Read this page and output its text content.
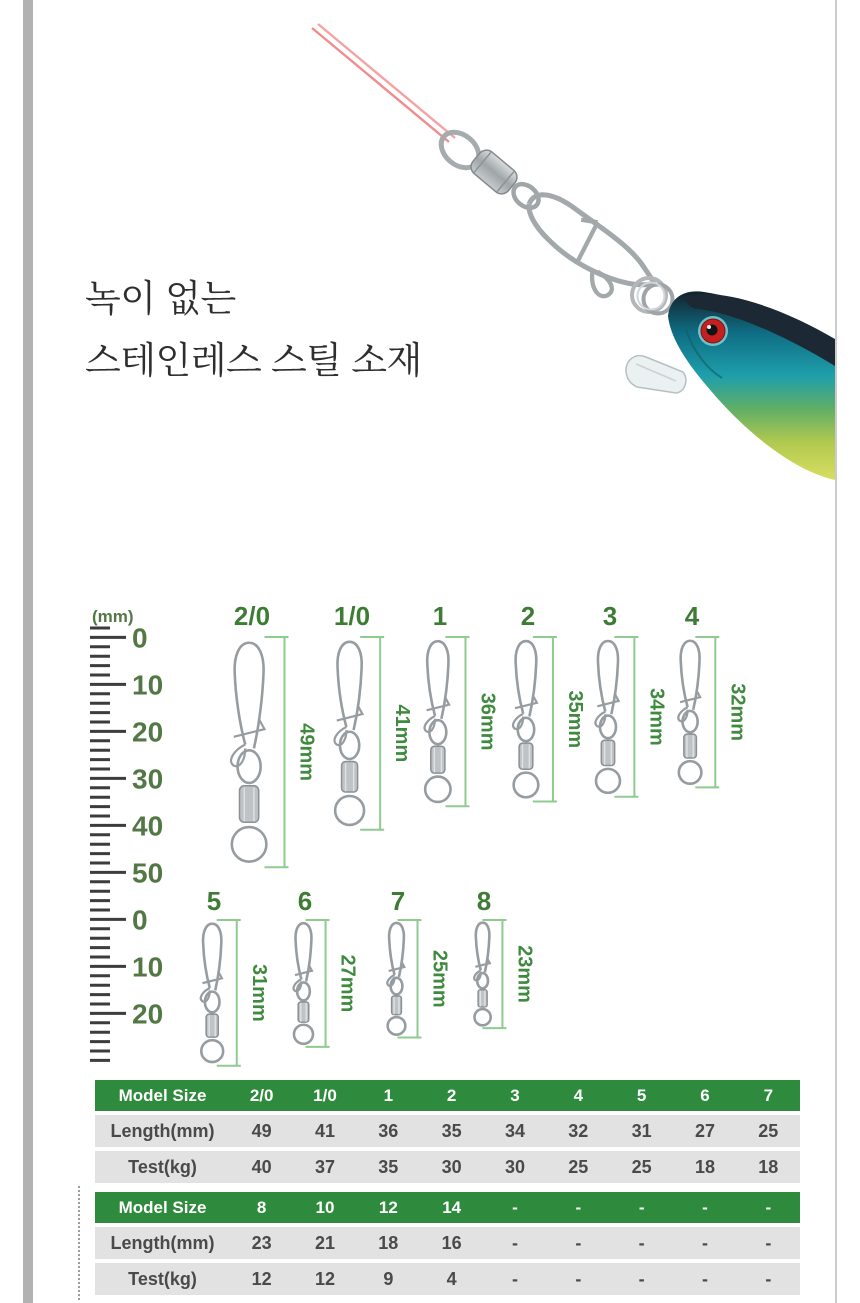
녹이 없는
스테인레스 스틸 소재
(mm)
0
10
20
30
40
50
0
10
20
2/0
49mm
1/0
41mm
1
36mm
2
35mm
3
34mm
4
32mm
5
31mm
6
27mm
7
25mm
8
23mm
Model Size	2/0	1/0	1	2	3	4	5	6	7
Length(mm)	49	41	36	35	34	32	31	27	25
Test(kg)	40	37	35	30	30	25	25	18	18
Model Size	8	10	12	14	-	-	-	-	-
Length(mm)	23	21	18	16	-	-	-	-	-
Test(kg)	12	12	9	4	-	-	-	-	-
